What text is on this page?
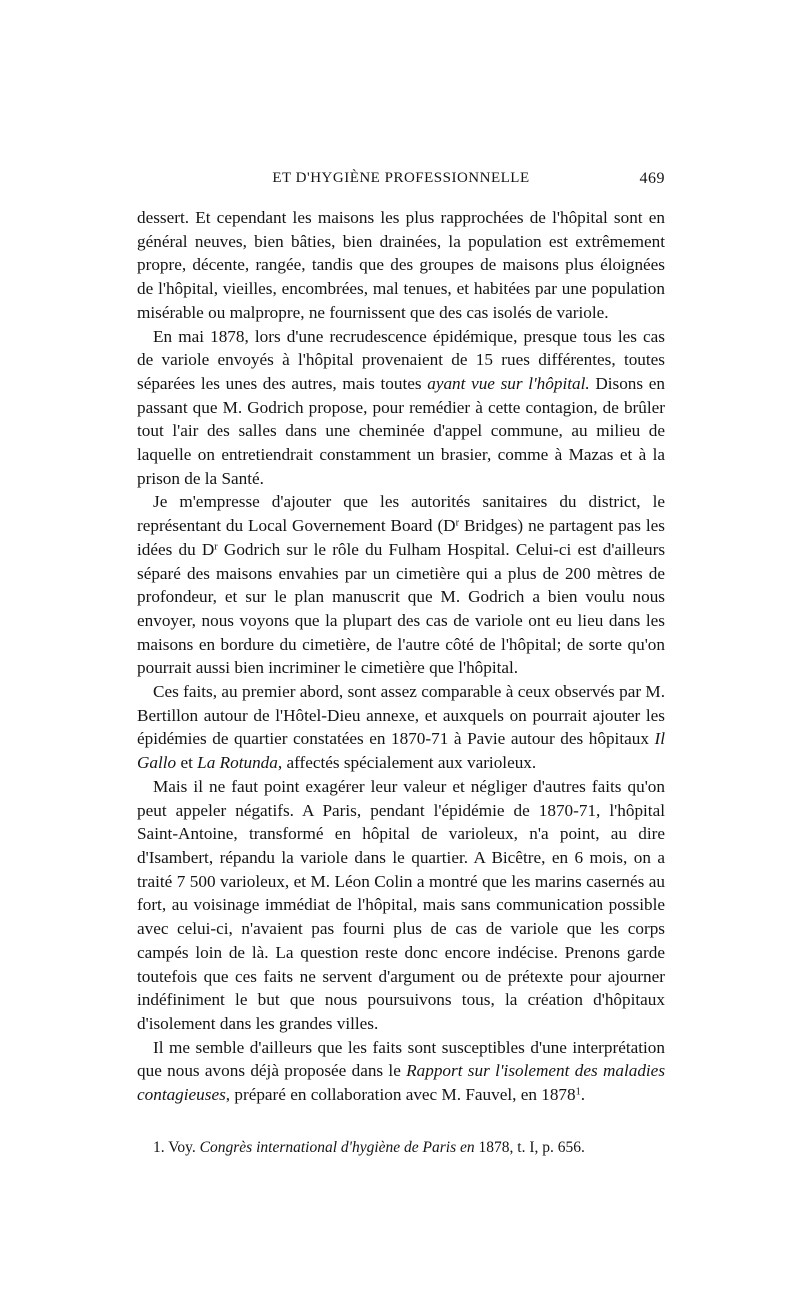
ET D'HYGIÈNE PROFESSIONNELLE	469

dessert. Et cependant les maisons les plus rapprochées de l'hôpital sont en général neuves, bien bâties, bien drainées, la population est extrêmement propre, décente, rangée, tandis que des groupes de maisons plus éloignées de l'hôpital, vieilles, encombrées, mal tenues, et habitées par une population misérable ou malpropre, ne fournissent que des cas isolés de variole.

En mai 1878, lors d'une recrudescence épidémique, presque tous les cas de variole envoyés à l'hôpital provenaient de 15 rues différentes, toutes séparées les unes des autres, mais toutes ayant vue sur l'hôpital. Disons en passant que M. Godrich propose, pour remédier à cette contagion, de brûler tout l'air des salles dans une cheminée d'appel commune, au milieu de laquelle on entretiendrait constamment un brasier, comme à Mazas et à la prison de la Santé.

Je m'empresse d'ajouter que les autorités sanitaires du district, le représentant du Local Governement Board ($D^r$ Bridges) ne partagent pas les idées du $D^r$ Godrich sur le rôle du Fulham Hospital. Celui-ci est d'ailleurs séparé des maisons envahies par un cimetière qui a plus de 200 mètres de profondeur, et sur le plan manuscrit que M. Godrich a bien voulu nous envoyer, nous voyons que la plupart des cas de variole ont eu lieu dans les maisons en bordure du cimetière, de l'autre côté de l'hôpital; de sorte qu'on pourrait aussi bien incriminer le cimetière que l'hôpital.

Ces faits, au premier abord, sont assez comparable à ceux observés par M. Bertillon autour de l'Hôtel-Dieu annexe, et auxquels on pourrait ajouter les épidémies de quartier constatées en 1870-71 à Pavie autour des hôpitaux Il Gallo et La Rotunda, affectés spécialement aux varioleux.

Mais il ne faut point exagérer leur valeur et négliger d'autres faits qu'on peut appeler négatifs. A Paris, pendant l'épidémie de 1870-71, l'hôpital Saint-Antoine, transformé en hôpital de varioleux, n'a point, au dire d'Isambert, répandu la variole dans le quartier. A Bicêtre, en 6 mois, on a traité 7 500 varioleux, et M. Léon Colin a montré que les marins casernés au fort, au voisinage immédiat de l'hôpital, mais sans communication possible avec celui-ci, n'avaient pas fourni plus de cas de variole que les corps campés loin de là. La question reste donc encore indécise. Prenons garde toutefois que ces faits ne servent d'argument ou de prétexte pour ajourner indéfiniment le but que nous poursuivons tous, la création d'hôpitaux d'isolement dans les grandes villes.

Il me semble d'ailleurs que les faits sont susceptibles d'une interprétation que nous avons déjà proposée dans le Rapport sur l'isolement des maladies contagieuses, préparé en collaboration avec M. Fauvel, en 1878$^1$.

1. Voy. Congrès international d'hygiène de Paris en 1878, t. I, p. 656.
